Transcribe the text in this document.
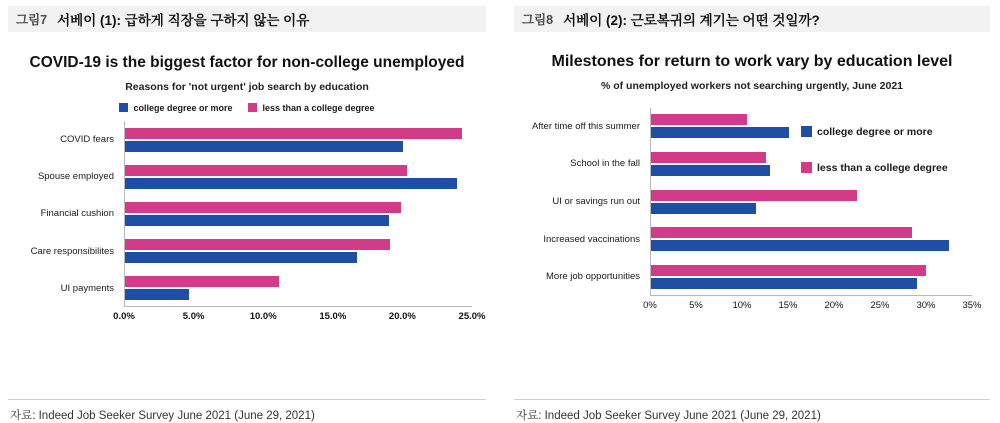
그림7 서베이 (1): 급하게 직장을 구하지 않는 이유
COVID-19 is the biggest factor for non-college unemployed
Reasons for 'not urgent' job search by education
college degree or more	less than a college degree
COVID fears
Spouse employed
Financial cushion
Care responsibilites
UI payments
0.0%	5.0%	10.0%	15.0%	20.0%	25.0%
자료: Indeed Job Seeker Survey June 2021 (June 29, 2021)
그림8 서베이 (2): 근로복귀의 계기는 어떤 것일까?
Milestones for return to work vary by education level
% of unemployed workers not searching urgently, June 2021
After time off this summer
School in the fall
UI or savings run out
Increased vaccinations
More job opportunities
college degree or more
less than a college degree
0%	5%	10%	15%	20%	25%	30%	35%
자료: Indeed Job Seeker Survey June 2021 (June 29, 2021)
